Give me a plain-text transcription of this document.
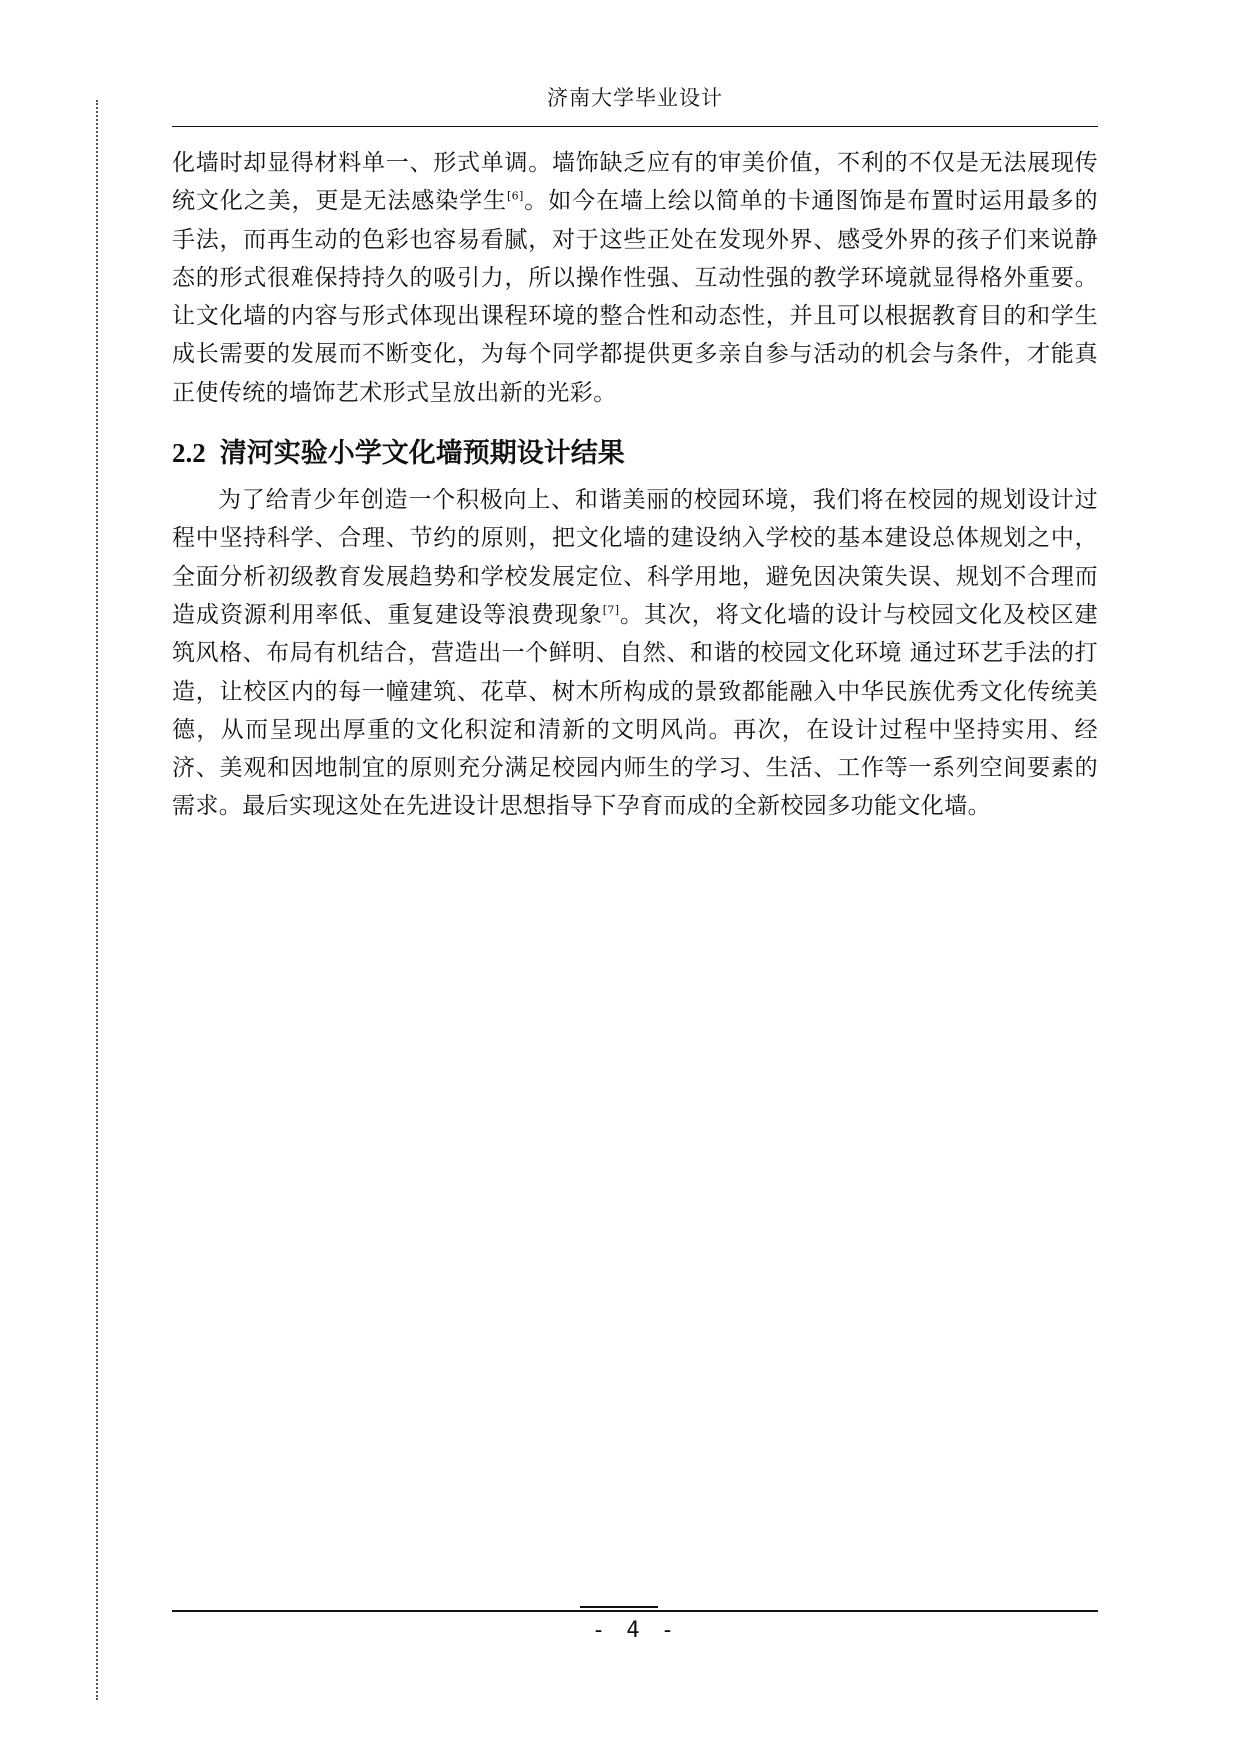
济南大学毕业设计

化墙时却显得材料单一、形式单调。墙饰缺乏应有的审美价值，不利的不仅是无法展现传统文化之美，更是无法感染学生[6]。如今在墙上绘以简单的卡通图饰是布置时运用最多的手法，而再生动的色彩也容易看腻，对于这些正处在发现外界、感受外界的孩子们来说静态的形式很难保持持久的吸引力，所以操作性强、互动性强的教学环境就显得格外重要。让文化墙的内容与形式体现出课程环境的整合性和动态性，并且可以根据教育目的和学生成长需要的发展而不断变化，为每个同学都提供更多亲自参与活动的机会与条件，才能真正使传统的墙饰艺术形式呈放出新的光彩。

2.2 清河实验小学文化墙预期设计结果

为了给青少年创造一个积极向上、和谐美丽的校园环境，我们将在校园的规划设计过程中坚持科学、合理、节约的原则，把文化墙的建设纳入学校的基本建设总体规划之中，全面分析初级教育发展趋势和学校发展定位、科学用地，避免因决策失误、规划不合理而造成资源利用率低、重复建设等浪费现象[7]。其次，将文化墙的设计与校园文化及校区建筑风格、布局有机结合，营造出一个鲜明、自然、和谐的校园文化环境 通过环艺手法的打造，让校区内的每一幢建筑、花草、树木所构成的景致都能融入中华民族优秀文化传统美德，从而呈现出厚重的文化积淀和清新的文明风尚。再次，在设计过程中坚持实用、经济、美观和因地制宜的原则充分满足校园内师生的学习、生活、工作等一系列空间要素的需求。最后实现这处在先进设计思想指导下孕育而成的全新校园多功能文化墙。

- 4 -
